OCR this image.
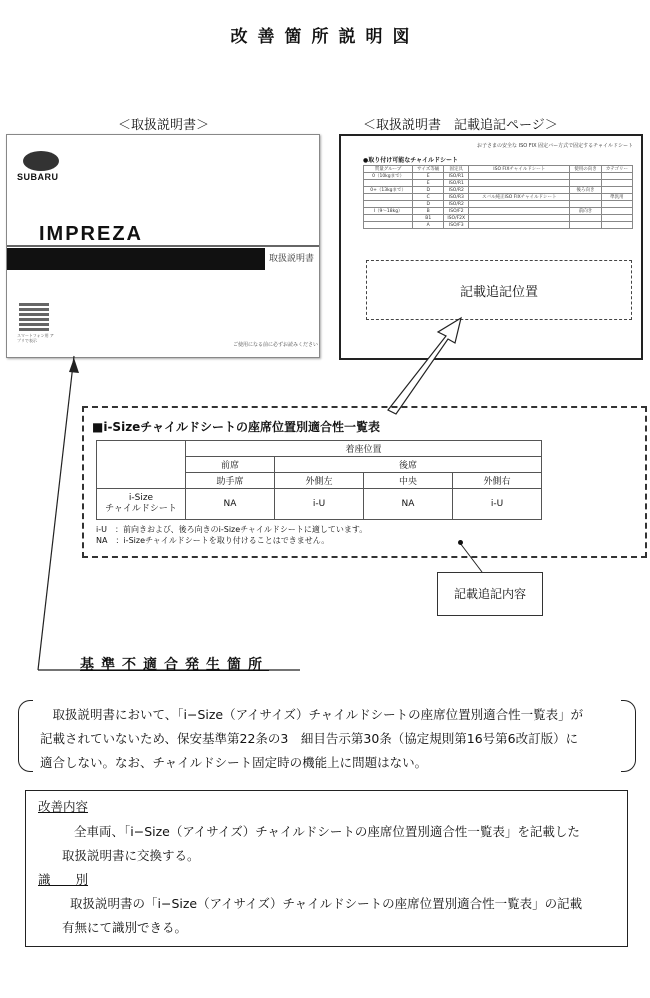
改善箇所説明図
＜取扱説明書＞	＜取扱説明書　記載追記ページ＞
SUBARU
IMPREZA
取扱説明書
スマートフォン用 アプリで表示
ご使用になる前に必ずお読みください
お子さまの安全な ISO FIX 固定バー方式で固定するチャイルドシート
●取り付け可能なチャイルドシート
質量グループ	サイズ等級	固定具	ISO FIXチャイルドシート	使用の向き	カテゴリー
0（10kgまで）	E	ISO/R1			
	E	ISO/R1			
0+（13kgまで）	D	ISO/R2		後ろ向き	
	C	ISO/R3	スバル純正ISO FIXチャイルドシート		準汎用
	D	ISO/R2			
Ⅰ（9〜18kg）	B	ISO/F2		前向き	
	B1	ISO/F2X			
	A	ISO/F3			
記載追記位置
■i-Sizeチャイルドシートの座席位置別適合性一覧表
	着座位置			
	前席	後席		
	助手席	外側左	中央	外側右
i-Size
チャイルドシート	NA	i-U	NA	i-U
i-U　：前向きおよび、後ろ向きのi-Sizeチャイルドシートに適しています。
NA　：i-Sizeチャイルドシートを取り付けることはできません。
記載追記内容
基準不適合発生箇所

取扱説明書において、「i−Size（アイサイズ）チャイルドシートの座席位置別適合性一覧表」が

記載されていないため、保安基準第22条の3　細目告示第30条（協定規則第16号第6改訂版）に

適合しない。なお、チャイルドシート固定時の機能上に問題はない。

改善内容
全車両、「i−Size（アイサイズ）チャイルドシートの座席位置別適合性一覧表」を記載した
取扱説明書に交換する。
識　　別
取扱説明書の「i−Size（アイサイズ）チャイルドシートの座席位置別適合性一覧表」の記載
有無にて識別できる。
